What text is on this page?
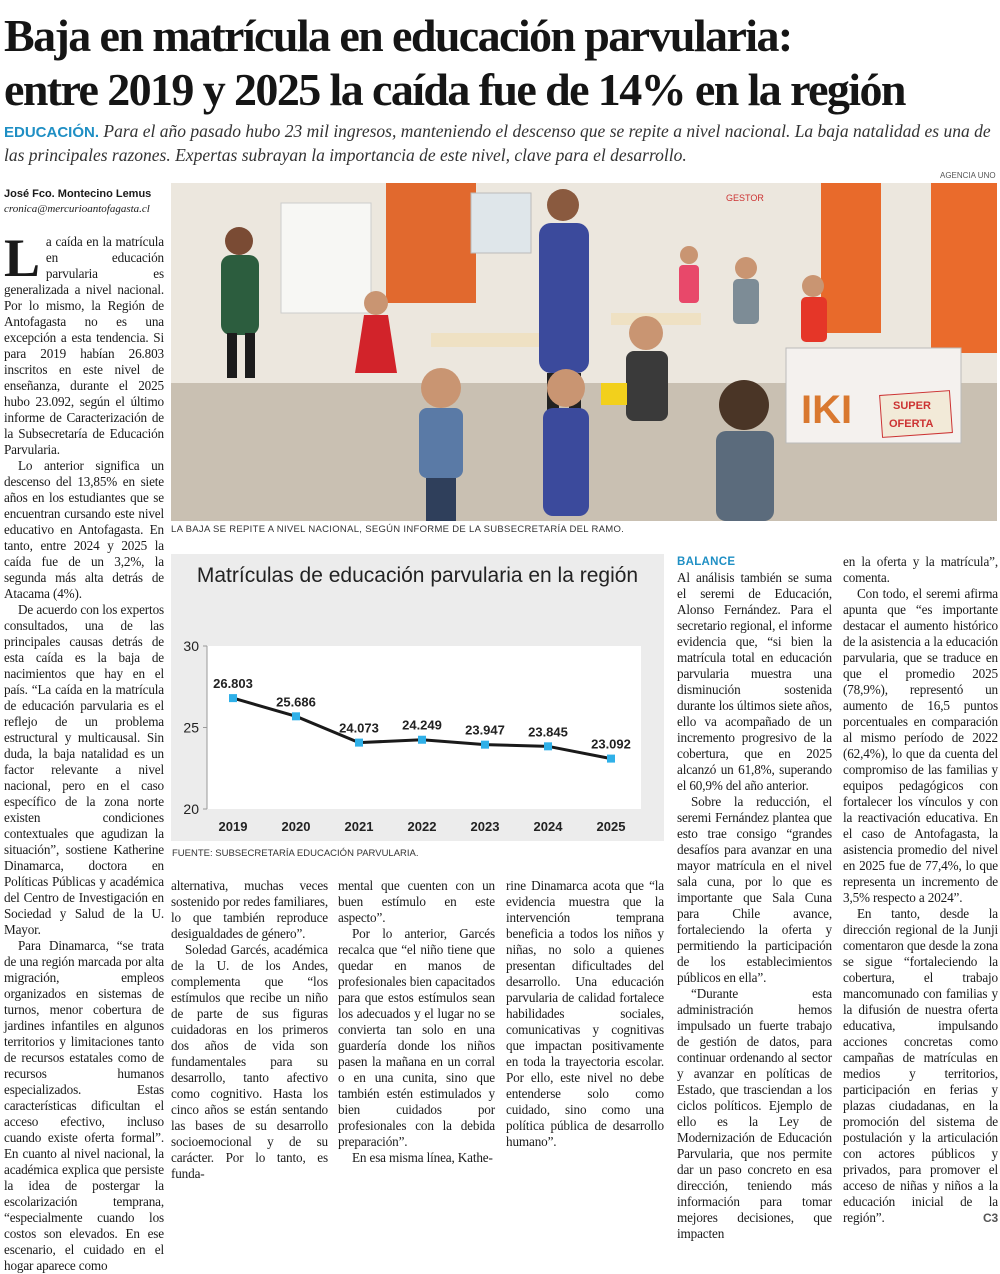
Baja en matrícula en educación parvularia:
entre 2019 y 2025 la caída fue de 14% en la región
EDUCACIÓN. Para el año pasado hubo 23 mil ingresos, manteniendo el descenso que se repite a nivel nacional. La baja natalidad es una de las principales razones. Expertas subrayan la importancia de este nivel, clave para el desarrollo.
José Fco. Montecino Lemus
cronica@mercurioantofagasta.cl

La caída en la matrícula en educación parvularia es generalizada a nivel nacional. Por lo mismo, la Región de Antofagasta no es una excepción a esta tendencia. Si para 2019 habían 26.803 inscritos en este nivel de enseñanza, durante el 2025 hubo 23.092, según el último informe de Caracterización de la Subsecretaría de Educación Parvularia.

Lo anterior significa un descenso del 13,85% en siete años en los estudiantes que se encuentran cursando este nivel educativo en Antofagasta. En tanto, entre 2024 y 2025 la caída fue de un 3,2%, la segunda más alta detrás de Atacama (4%).

De acuerdo con los expertos consultados, una de las principales causas detrás de esta caída es la baja de nacimientos que hay en el país. “La caída en la matrícula de educación parvularia es el reflejo de un problema estructural y multicausal. Sin duda, la baja natalidad es un factor relevante a nivel nacional, pero en el caso específico de la zona norte existen condiciones contextuales que agudizan la situación”, sostiene Katherine Dinamarca, doctora en Políticas Públicas y académica del Centro de Investigación en Sociedad y Salud de la U. Mayor.

Para Dinamarca, “se trata de una región marcada por alta migración, empleos organizados en sistemas de turnos, menor cobertura de jardines infantiles en algunos territorios y limitaciones tanto de recursos estatales como de recursos humanos especializados. Estas características dificultan el acceso efectivo, incluso cuando existe oferta formal”. En cuanto al nivel nacional, la académica explica que persiste la idea de postergar la escolarización temprana, “especialmente cuando los costos son elevados. En ese escenario, el cuidado en el hogar aparece como

AGENCIA UNO
IKI	SUPER
OFERTA
GESTOR
LA BAJA SE REPITE A NIVEL NACIONAL, SEGÚN INFORME DE LA SUBSECRETARÍA DEL RAMO.
Matrículas de educación parvularia en la región
20
25
30
26.803
2019
25.686
2020
24.073
2021
24.249
2022
23.947
2023
23.845
2024
23.092
2025
FUENTE: SUBSECRETARÍA EDUCACIÓN PARVULARIA.

alternativa, muchas veces sostenido por redes familiares, lo que también reproduce desigualdades de género”.

Soledad Garcés, académica de la U. de los Andes, complementa que “los estímulos que recibe un niño de parte de sus figuras cuidadoras en los primeros dos años de vida son fundamentales para su desarrollo, tanto afectivo como cognitivo. Hasta los cinco años se están sentando las bases de su desarrollo socioemocional y de su carácter. Por lo tanto, es funda-

mental que cuenten con un buen estímulo en este aspecto”.

Por lo anterior, Garcés recalca que “el niño tiene que quedar en manos de profesionales bien capacitados para que estos estímulos sean los adecuados y el lugar no se convierta tan solo en una guardería donde los niños pasen la mañana en un corral o en una cunita, sino que también estén estimulados y bien cuidados por profesionales con la debida preparación”.

En esa misma línea, Kathe-

rine Dinamarca acota que “la evidencia muestra que la intervención temprana beneficia a todos los niños y niñas, no solo a quienes presentan dificultades del desarrollo. Una educación parvularia de calidad fortalece habilidades sociales, comunicativas y cognitivas que impactan positivamente en toda la trayectoria escolar. Por ello, este nivel no debe entenderse solo como cuidado, sino como una política pública de desarrollo humano”.

BALANCE

Al análisis también se suma el seremi de Educación, Alonso Fernández. Para el secretario regional, el informe evidencia que, “si bien la matrícula total en educación parvularia muestra una disminución sostenida durante los últimos siete años, ello va acompañado de un incremento progresivo de la cobertura, que en 2025 alcanzó un 61,8%, superando el 60,9% del año anterior.

Sobre la reducción, el seremi Fernández plantea que esto trae consigo “grandes desafíos para avanzar en una mayor matrícula en el nivel sala cuna, por lo que es importante que Sala Cuna para Chile avance, fortaleciendo la oferta y permitiendo la participación de los establecimientos públicos en ella”.

“Durante esta administración hemos impulsado un fuerte trabajo de gestión de datos, para continuar ordenando al sector y avanzar en políticas de Estado, que trasciendan a los ciclos políticos. Ejemplo de ello es la Ley de Modernización de Educación Parvularia, que nos permite dar un paso concreto en esa dirección, teniendo más información para tomar mejores decisiones, que impacten

en la oferta y la matrícula”, comenta.

Con todo, el seremi afirma apunta que “es importante destacar el aumento histórico de la asistencia a la educación parvularia, que se traduce en que el promedio 2025 (78,9%), representó un aumento de 16,5 puntos porcentuales en comparación al mismo período de 2022 (62,4%), lo que da cuenta del compromiso de las familias y equipos pedagógicos con fortalecer los vínculos y con la reactivación educativa. En el caso de Antofagasta, la asistencia promedio del nivel en 2025 fue de 77,4%, lo que representa un incremento de 3,5% respecto a 2024”.

En tanto, desde la dirección regional de la Junji comentaron que desde la zona se sigue “fortaleciendo la cobertura, el trabajo mancomunado con familias y la difusión de nuestra oferta educativa, impulsando acciones concretas como campañas de matrículas en medios y territorios, participación en ferias y plazas ciudadanas, en la promoción del sistema de postulación y la articulación con actores públicos y privados, para promover el acceso de niñas y niños a la educación inicial de la región”.	C3
